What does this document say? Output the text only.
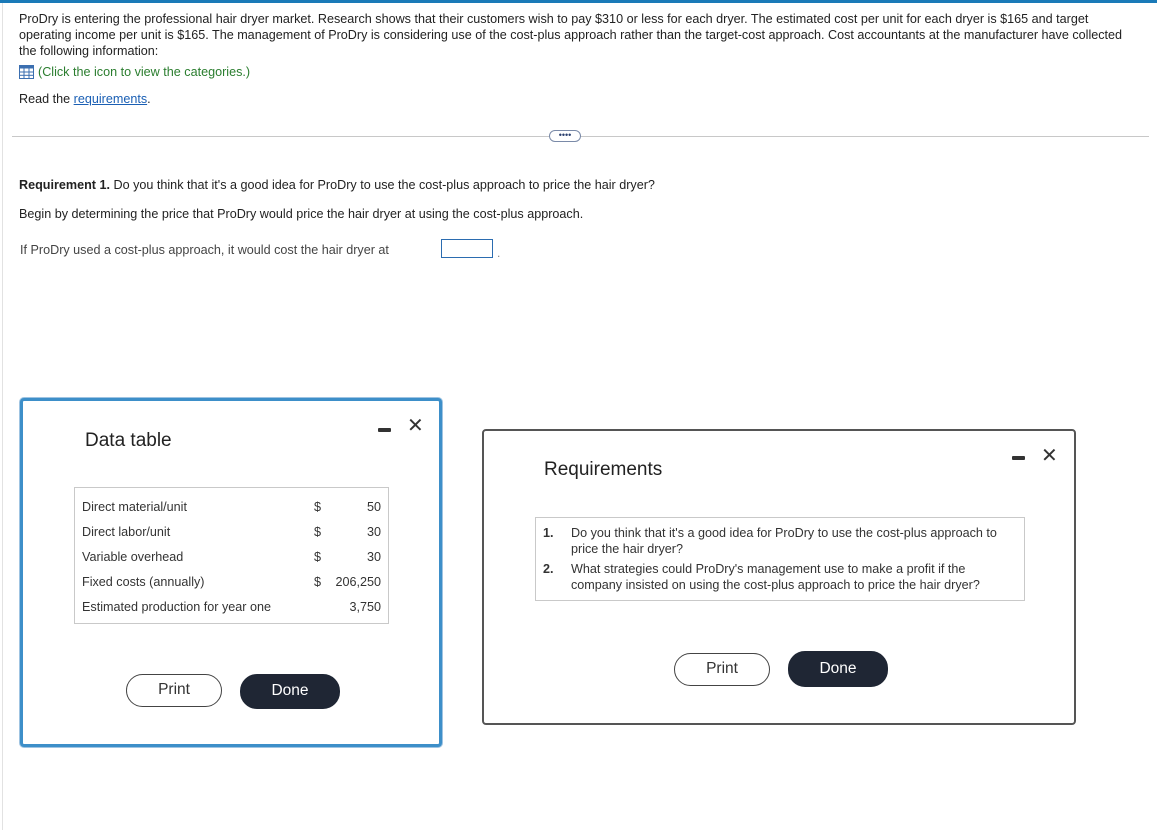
ProDry is entering the professional hair dryer market. Research shows that their customers wish to pay $310 or less for each dryer. The estimated cost per unit for each dryer is $165 and target operating income per unit is $165. The management of ProDry is considering use of the cost-plus approach rather than the target-cost approach. Cost accountants at the manufacturer have collected the following information:
(Click the icon to view the categories.)
Read the requirements.
••••
Requirement 1. Do you think that it's a good idea for ProDry to use the cost-plus approach to price the hair dryer?
Begin by determining the price that ProDry would price the hair dryer at using the cost-plus approach.
If ProDry used a cost-plus approach, it would cost the hair dryer at	.
Data table
✕
Direct material/unit	$	50
Direct labor/unit	$	30
Variable overhead	$	30
Fixed costs (annually)	$ 206,250
Estimated production for year one	3,750
Print	Done
Requirements
✕
1. Do you think that it's a good idea for ProDry to use the cost-plus approach to price the hair dryer?
2. What strategies could ProDry's management use to make a profit if the company insisted on using the cost-plus approach to price the hair dryer?
Print	Done
